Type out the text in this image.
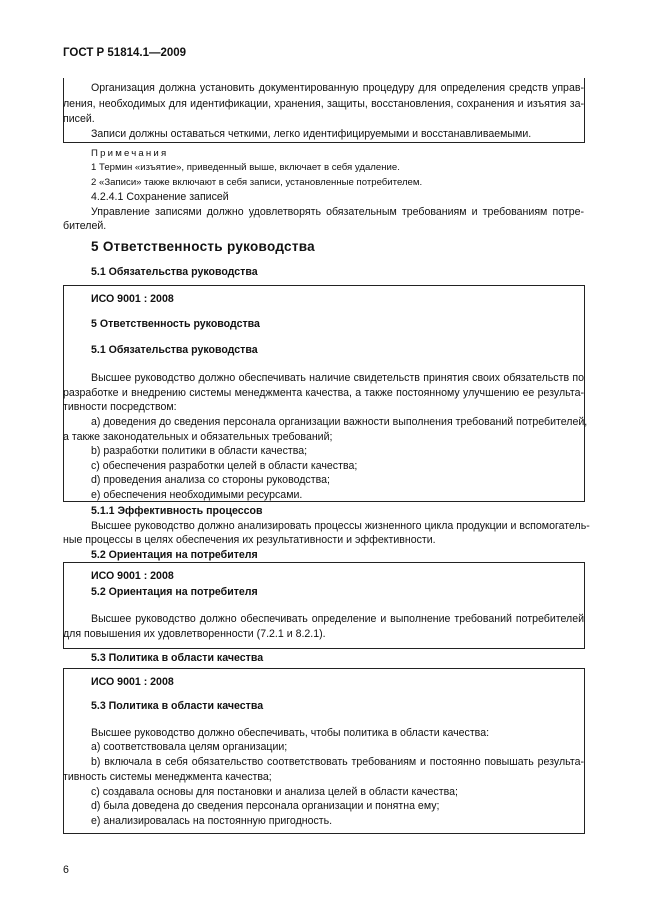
ГОСТ Р 51814.1—2009
Организация должна установить документированную процедуру для определения средств управ-
ления, необходимых для идентификации, хранения, защиты, восстановления, сохранения и изъятия за-
писей.
Записи должны оставаться четкими, легко идентифицируемыми и восстанавливаемыми.
Примечания
1 Термин «изъятие», приведенный выше, включает в себя удаление.
2 «Записи» также включают в себя записи, установленные потребителем.
4.2.4.1 Сохранение записей
Управление записями должно удовлетворять обязательным требованиям и требованиям потре-
бителей.
5 Ответственность руководства
5.1 Обязательства руководства
ИСО 9001 : 2008
5 Ответственность руководства
5.1 Обязательства руководства
Высшее руководство должно обеспечивать наличие свидетельств принятия своих обязательств по
разработке и внедрению системы менеджмента качества, а также постоянному улучшению ее результа-
тивности посредством:
а) доведения до сведения персонала организации важности выполнения требований потребителей,
а также законодательных и обязательных требований;
b) разработки политики в области качества;
с) обеспечения разработки целей в области качества;
d) проведения анализа со стороны руководства;
е) обеспечения необходимыми ресурсами.
5.1.1 Эффективность процессов
Высшее руководство должно анализировать процессы жизненного цикла продукции и вспомогатель-
ные процессы в целях обеспечения их результативности и эффективности.
5.2 Ориентация на потребителя
ИСО 9001 : 2008
5.2 Ориентация на потребителя
Высшее руководство должно обеспечивать определение и выполнение требований потребителей
для повышения их удовлетворенности (7.2.1 и 8.2.1).
5.3 Политика в области качества
ИСО 9001 : 2008
5.3 Политика в области качества
Высшее руководство должно обеспечивать, чтобы политика в области качества:
а) соответствовала целям организации;
b) включала в себя обязательство соответствовать требованиям и постоянно повышать результа-
тивность системы менеджмента качества;
с) создавала основы для постановки и анализа целей в области качества;
d) была доведена до сведения персонала организации и понятна ему;
е) анализировалась на постоянную пригодность.
6
